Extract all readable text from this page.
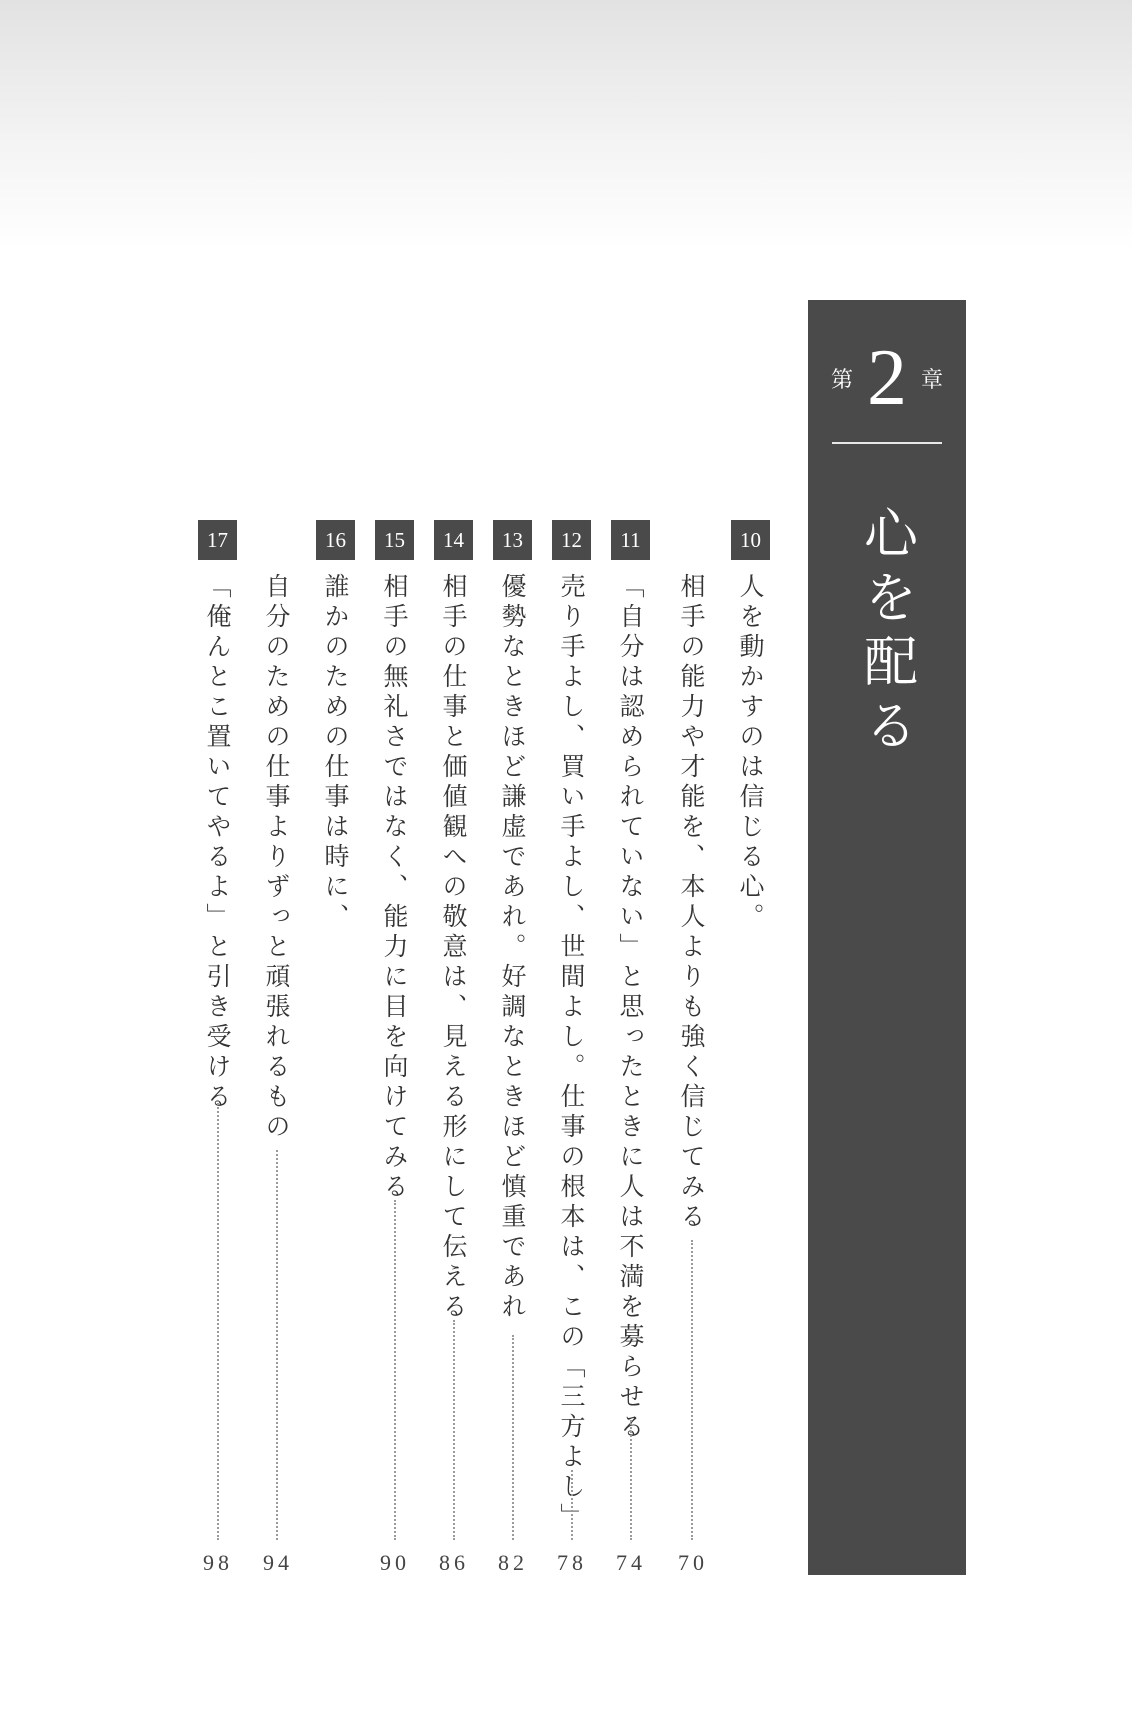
第 2 章
心を配る
10
人を動かすのは信じる心。
70
相手の能力や才能を、本人よりも強く信じてみる
11
「自分は認められていない」と思ったときに人は不満を募らせる
74
12
売り手よし、買い手よし、世間よし。仕事の根本は、この「三方よし」
78
13
優勢なときほど謙虚であれ。好調なときほど慎重であれ
82
14
相手の仕事と価値観への敬意は、見える形にして伝える
86
15
相手の無礼さではなく、能力に目を向けてみる
90
16
誰かのための仕事は時に、
94
自分のための仕事よりずっと頑張れるもの
17
「俺んとこ置いてやるよ」と引き受ける
98
